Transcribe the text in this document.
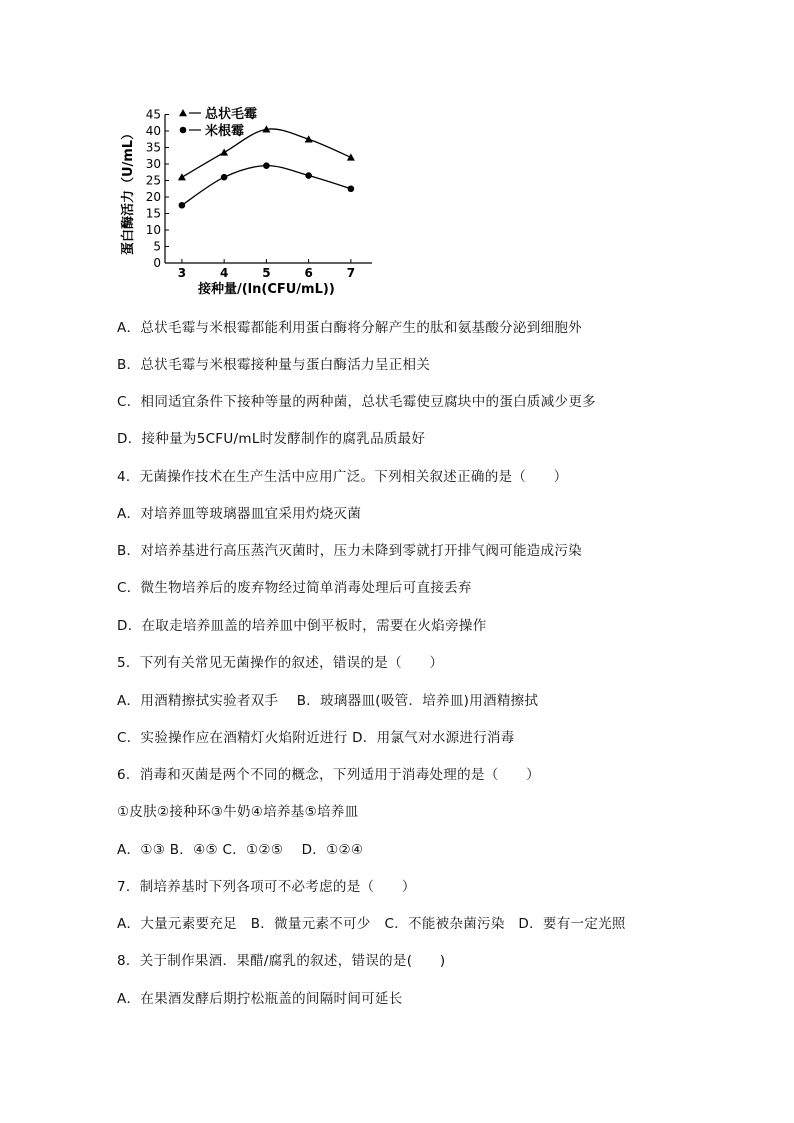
0
5
10
15
20
25
30
35
40
45
3	4	5	6	7
接种量/(ln(CFU/mL))
蛋白酶活力（U/mL）
总状毛霉
米根霉
A．总状毛霉与米根霉都能利用蛋白酶将分解产生的肽和氨基酸分泌到细胞外
B．总状毛霉与米根霉接种量与蛋白酶活力呈正相关
C．相同适宜条件下接种等量的两种菌，总状毛霉使豆腐块中的蛋白质减少更多
D．接种量为5CFU/mL时发酵制作的腐乳品质最好
4．无菌操作技术在生产生活中应用广泛。下列相关叙述正确的是（　　）
A．对培养皿等玻璃器皿宜采用灼烧灭菌
B．对培养基进行高压蒸汽灭菌时，压力未降到零就打开排气阀可能造成污染
C．微生物培养后的废弃物经过简单消毒处理后可直接丢弃
D．在取走培养皿盖的培养皿中倒平板时，需要在火焰旁操作
5．下列有关常见无菌操作的叙述，错误的是（　　）
A．用酒精擦拭实验者双手　 B．玻璃器皿(吸管．培养皿)用酒精擦拭
C．实验操作应在酒精灯火焰附近进行 D．用氯气对水源进行消毒
6．消毒和灭菌是两个不同的概念，下列适用于消毒处理的是（　　）
①皮肤②接种环③牛奶④培养基⑤培养皿
A．①③ B．④⑤ C．①②⑤　 D．①②④
7．制培养基时下列各项可不必考虑的是（　　）
A．大量元素要充足　B．微量元素不可少　C．不能被杂菌污染　D．要有一定光照
8．关于制作果酒．果醋/腐乳的叙述，错误的是(　　)
A．在果酒发酵后期拧松瓶盖的间隔时间可延长
